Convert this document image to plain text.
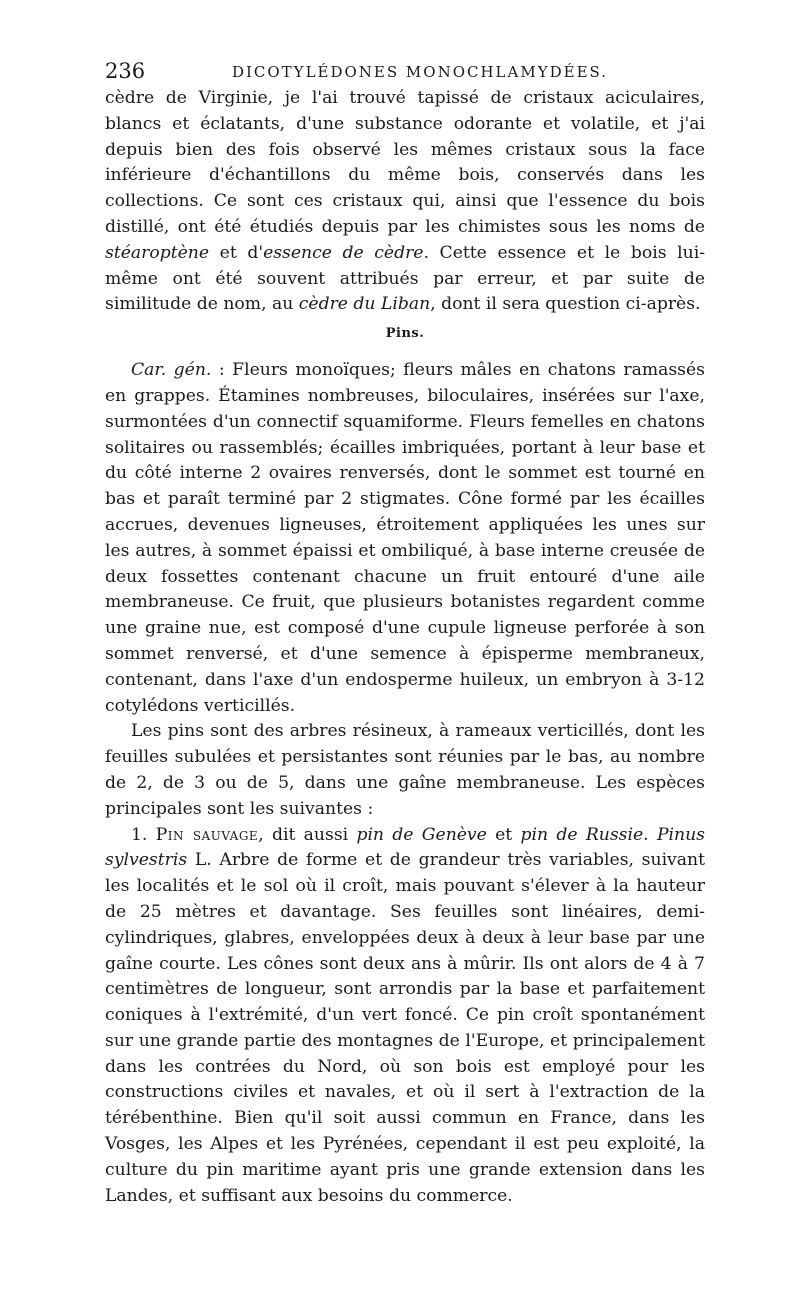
236	DICOTYLÉDONES MONOCHLAMYDÉES.

cèdre de Virginie, je l'ai trouvé tapissé de cristaux aciculaires, blancs et éclatants, d'une substance odorante et volatile, et j'ai depuis bien des fois observé les mêmes cristaux sous la face inférieure d'échantillons du même bois, conservés dans les collections. Ce sont ces cristaux qui, ainsi que l'essence du bois distillé, ont été étudiés depuis par les chimistes sous les noms de stéaroptène et d'essence de cèdre. Cette essence et le bois lui-même ont été souvent attribués par erreur, et par suite de similitude de nom, au cèdre du Liban, dont il sera question ci-après.

Pins.

Car. gén. : Fleurs monoïques; fleurs mâles en chatons ramassés en grappes. Étamines nombreuses, biloculaires, insérées sur l'axe, surmontées d'un connectif squamiforme. Fleurs femelles en chatons solitaires ou rassemblés; écailles imbriquées, portant à leur base et du côté interne 2 ovaires renversés, dont le sommet est tourné en bas et paraît terminé par 2 stigmates. Cône formé par les écailles accrues, devenues ligneuses, étroitement appliquées les unes sur les autres, à sommet épaissi et ombiliqué, à base interne creusée de deux fossettes contenant chacune un fruit entouré d'une aile membraneuse. Ce fruit, que plusieurs botanistes regardent comme une graine nue, est composé d'une cupule ligneuse perforée à son sommet renversé, et d'une semence à épisperme membraneux, contenant, dans l'axe d'un endosperme huileux, un embryon à 3-12 cotylédons verticillés.

Les pins sont des arbres résineux, à rameaux verticillés, dont les feuilles subulées et persistantes sont réunies par le bas, au nombre de 2, de 3 ou de 5, dans une gaîne membraneuse. Les espèces principales sont les suivantes :

1. Pin sauvage, dit aussi pin de Genève et pin de Russie. Pinus sylvestris L. Arbre de forme et de grandeur très variables, suivant les localités et le sol où il croît, mais pouvant s'élever à la hauteur de 25 mètres et davantage. Ses feuilles sont linéaires, demi-cylindriques, glabres, enveloppées deux à deux à leur base par une gaîne courte. Les cônes sont deux ans à mûrir. Ils ont alors de 4 à 7 centimètres de longueur, sont arrondis par la base et parfaitement coniques à l'extrémité, d'un vert foncé. Ce pin croît spontanément sur une grande partie des montagnes de l'Europe, et principalement dans les contrées du Nord, où son bois est employé pour les constructions civiles et navales, et où il sert à l'extraction de la térébenthine. Bien qu'il soit aussi commun en France, dans les Vosges, les Alpes et les Pyrénées, cependant il est peu exploité, la culture du pin maritime ayant pris une grande extension dans les Landes, et suffisant aux besoins du commerce.
